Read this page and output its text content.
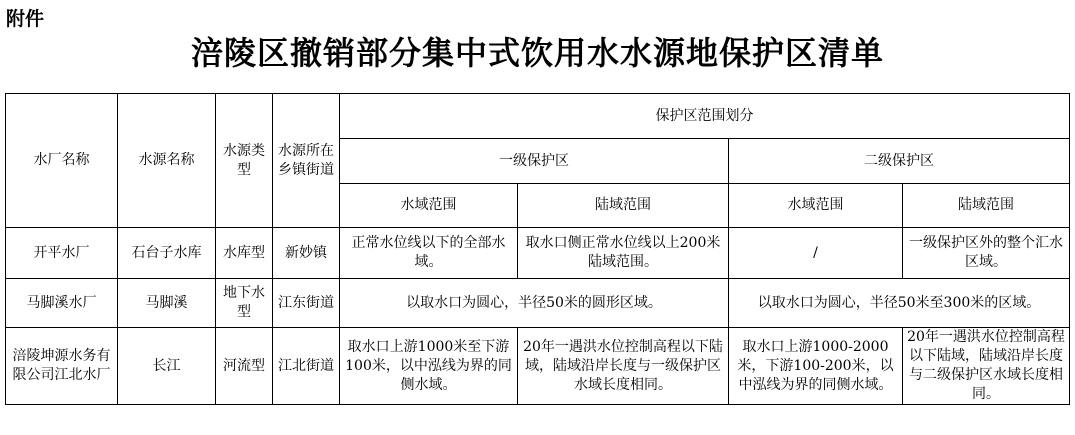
附件
涪陵区撤销部分集中式饮用水水源地保护区清单
水厂名称	水源名称	水源类型	水源所在乡镇街道	保护区范围划分			
				一级保护区		二级保护区	
				水域范围	陆域范围	水域范围	陆域范围
开平水厂	石台子水库	水库型	新妙镇	正常水位线以下的全部水域。	取水口侧正常水位线以上200米陆域范围。	/	一级保护区外的整个汇水区域。
马脚溪水厂	马脚溪	地下水型	江东街道	以取水口为圆心，半径50米的圆形区域。		以取水口为圆心，半径50米至300米的区域。	
涪陵坤源水务有限公司江北水厂	长江	河流型	江北街道	取水口上游1000米至下游100米，以中泓线为界的同侧水域。	20年一遇洪水位控制高程以下陆域，陆域沿岸长度与一级保护区水域长度相同。	取水口上游1000-2000米，下游100-200米，以中泓线为界的同侧水域。	20年一遇洪水位控制高程以下陆域，陆域沿岸长度与二级保护区水域长度相同。
